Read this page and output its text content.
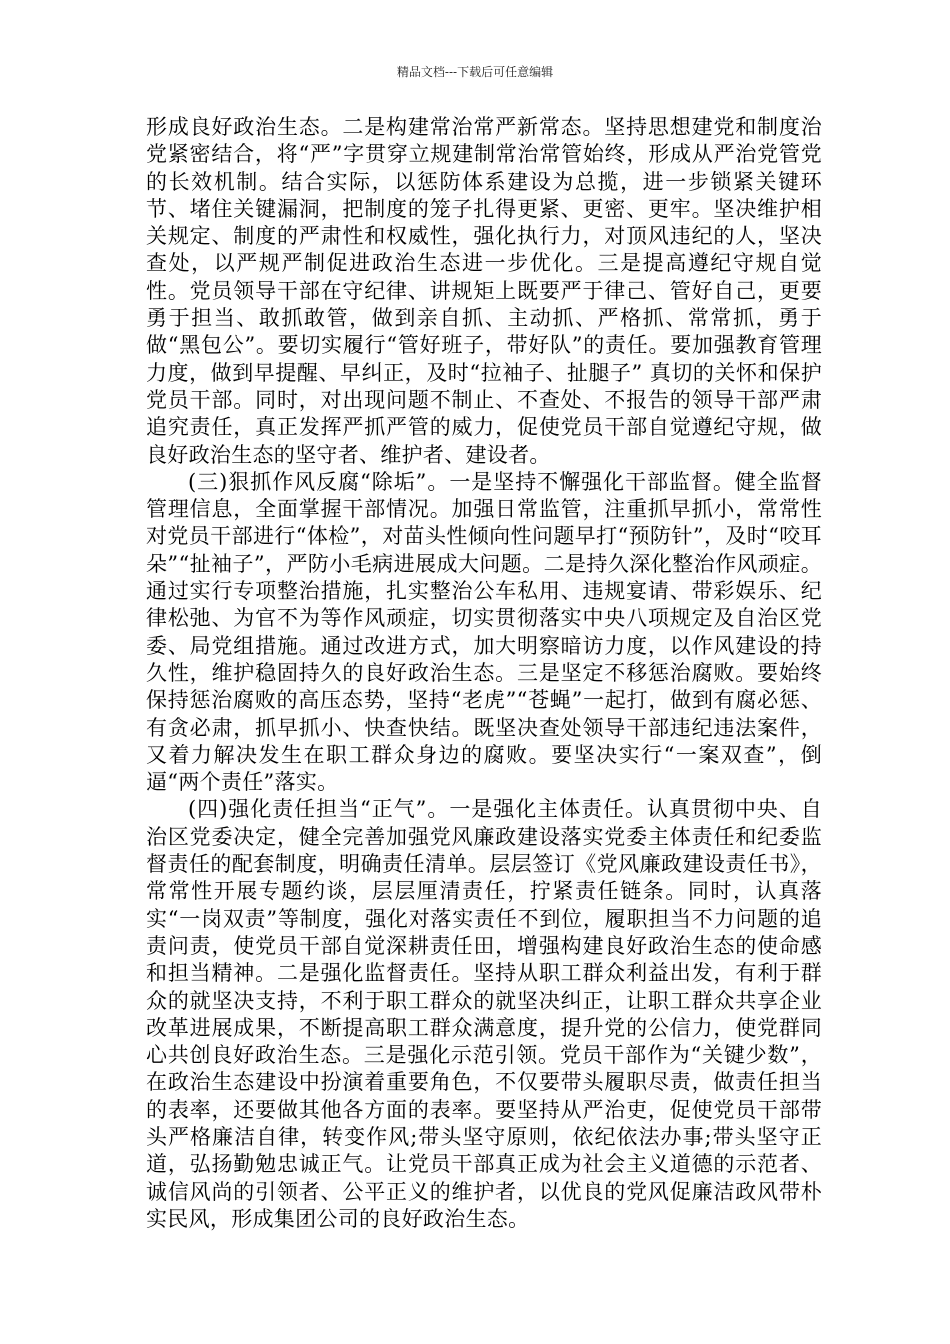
精品文档---下载后可任意编辑

形成良好政治生态。二是构建常治常严新常态。坚持思想建党和制度治党紧密结合，将“严”字贯穿立规建制常治常管始终，形成从严治党管党的长效机制。结合实际，以惩防体系建设为总揽，进一步锁紧关键环节、堵住关键漏洞，把制度的笼子扎得更紧、更密、更牢。坚决维护相关规定、制度的严肃性和权威性，强化执行力，对顶风违纪的人，坚决查处，以严规严制促进政治生态进一步优化。三是提高遵纪守规自觉性。党员领导干部在守纪律、讲规矩上既要严于律己、管好自己，更要勇于担当、敢抓敢管，做到亲自抓、主动抓、严格抓、常常抓，勇于做“黑包公”。要切实履行“管好班子，带好队”的责任。要加强教育管理力度，做到早提醒、早纠正，及时“拉袖子、扯腿子” 真切的关怀和保护党员干部。同时，对出现问题不制止、不查处、不报告的领导干部严肃追究责任，真正发挥严抓严管的威力，促使党员干部自觉遵纪守规，做良好政治生态的坚守者、维护者、建设者。

(三)狠抓作风反腐“除垢”。一是坚持不懈强化干部监督。健全监督管理信息，全面掌握干部情况。加强日常监管，注重抓早抓小，常常性对党员干部进行“体检”，对苗头性倾向性问题早打“预防针”，及时“咬耳朵”“扯袖子”，严防小毛病进展成大问题。二是持久深化整治作风顽症。通过实行专项整治措施，扎实整治公车私用、违规宴请、带彩娱乐、纪律松弛、为官不为等作风顽症，切实贯彻落实中央八项规定及自治区党委、局党组措施。通过改进方式，加大明察暗访力度，以作风建设的持久性，维护稳固持久的良好政治生态。三是坚定不移惩治腐败。要始终保持惩治腐败的高压态势，坚持“老虎”“苍蝇”一起打，做到有腐必惩、有贪必肃，抓早抓小、快查快结。既坚决查处领导干部违纪违法案件，又着力解决发生在职工群众身边的腐败。要坚决实行“一案双查”，倒逼“两个责任”落实。

(四)强化责任担当“正气”。一是强化主体责任。认真贯彻中央、自治区党委决定，健全完善加强党风廉政建设落实党委主体责任和纪委监督责任的配套制度，明确责任清单。层层签订《党风廉政建设责任书》，常常性开展专题约谈，层层厘清责任，拧紧责任链条。同时，认真落实“一岗双责”等制度，强化对落实责任不到位，履职担当不力问题的追责问责，使党员干部自觉深耕责任田，增强构建良好政治生态的使命感和担当精神。二是强化监督责任。坚持从职工群众利益出发，有利于群众的就坚决支持，不利于职工群众的就坚决纠正，让职工群众共享企业改革进展成果，不断提高职工群众满意度，提升党的公信力，使党群同心共创良好政治生态。三是强化示范引领。党员干部作为“关键少数”，在政治生态建设中扮演着重要角色，不仅要带头履职尽责，做责任担当的表率，还要做其他各方面的表率。要坚持从严治吏，促使党员干部带头严格廉洁自律，转变作风;带头坚守原则，依纪依法办事;带头坚守正道，弘扬勤勉忠诚正气。让党员干部真正成为社会主义道德的示范者、诚信风尚的引领者、公平正义的维护者，以优良的党风促廉洁政风带朴实民风，形成集团公司的良好政治生态。
